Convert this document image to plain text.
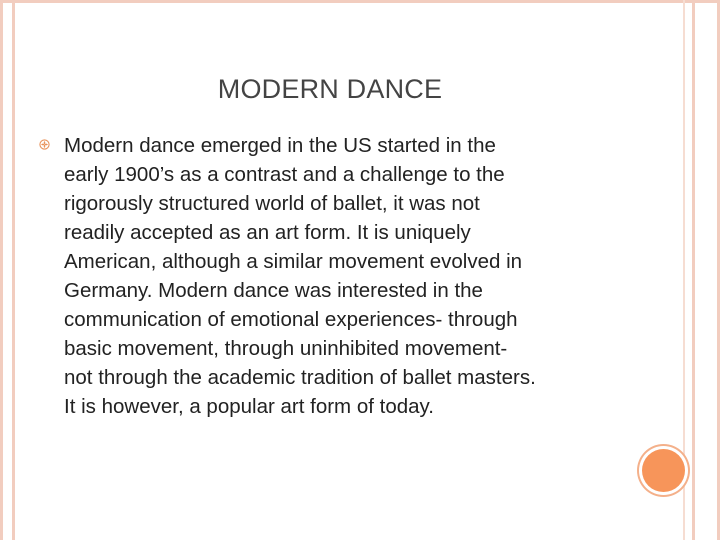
MODERN DANCE
Modern dance emerged in the US started in the
early 1900’s as a contrast and a challenge to the
rigorously structured world of ballet, it was not
readily accepted as an art form. It is uniquely
American, although a similar movement evolved in
Germany. Modern dance was interested in the
communication of emotional experiences- through
basic movement, through uninhibited movement-
not through the academic tradition of ballet masters.
It is however, a popular art form of today.
